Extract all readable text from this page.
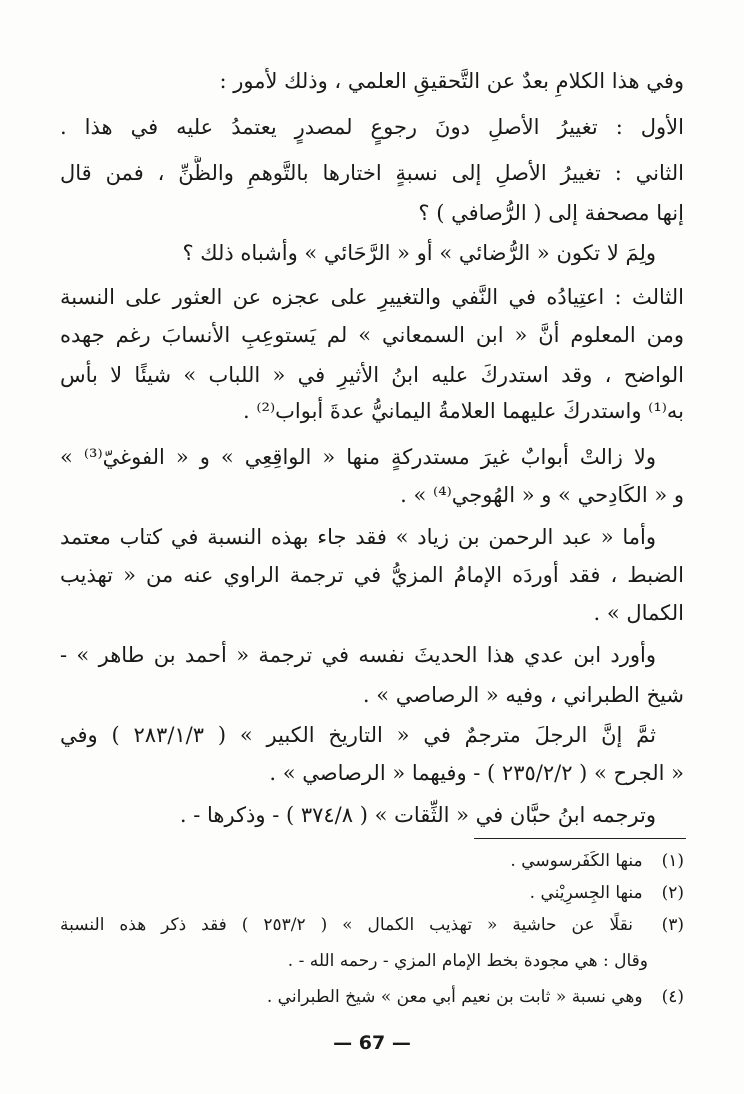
وفي هذا الكلامِ بعدٌ عن التَّحقيقِ العلمي ، وذلك لأمور :
الأول : تغييرُ الأصلِ دونَ رجوعٍ لمصدرٍ يعتمدُ عليه في هذا .
الثاني : تغييرُ الأصلِ إلى نسبةٍ اختارها بالتَّوهمِ والظَّنِّ ، فمن قال
إنها مصحفة إلى ( الرُّصافي ) ؟
ولِمَ لا تكون « الرُّضائي » أو « الرَّحَائي » وأشباه ذلك ؟
الثالث : اعتِيادُه في النَّفي والتغييرِ على عجزه عن العثور على النسبة
ومن المعلوم أنَّ « ابن السمعاني » لم يَستوعِبِ الأنسابَ رغم جهده
الواضح ، وقد استدركَ عليه ابنُ الأثيرِ في « اللباب » شيئًا لا بأس
به⁽¹⁾ واستدركَ عليهما العلامةُ اليمانيُّ عدةَ أبواب⁽²⁾ .
ولا زالتْ أبوابٌ غيرَ مستدركةٍ منها « الواقِعِي » و « الفوغيّ⁽³⁾ »
و « الكَادِحي » و « الهُوجي⁽⁴⁾ » .
وأما « عبد الرحمن بن زياد » فقد جاء بهذه النسبة في كتاب معتمد
الضبط ، فقد أوردَه الإمامُ المزيُّ في ترجمة الراوي عنه من « تهذيب
الكمال » .
وأورد ابن عدي هذا الحديثَ نفسه في ترجمة « أحمد بن طاهر » -
شيخ الطبراني ، وفيه « الرصاصي » .
ثمَّ إنَّ الرجلَ مترجمٌ في « التاريخ الكبير » ( ٢٨٣/١/٣ ) وفي
« الجرح » ( ٢٣٥/٢/٢ ) - وفيهما « الرصاصي » .
وترجمه ابنُ حبَّان في « الثِّقات » ( ٣٧٤/٨ ) - وذكرها - .
(١) منها الكَفَرسوسي .
(٢) منها الجِسرِيْني .
(٣) نقلًا عن حاشية « تهذيب الكمال » ( ٢٥٣/٢ ) فقد ذكر هذه النسبة
وقال : هي مجودة بخط الإمام المزي - رحمه الله - .
(٤) وهي نسبة « ثابت بن نعيم أبي معن » شيخ الطبراني .
— 67 —
